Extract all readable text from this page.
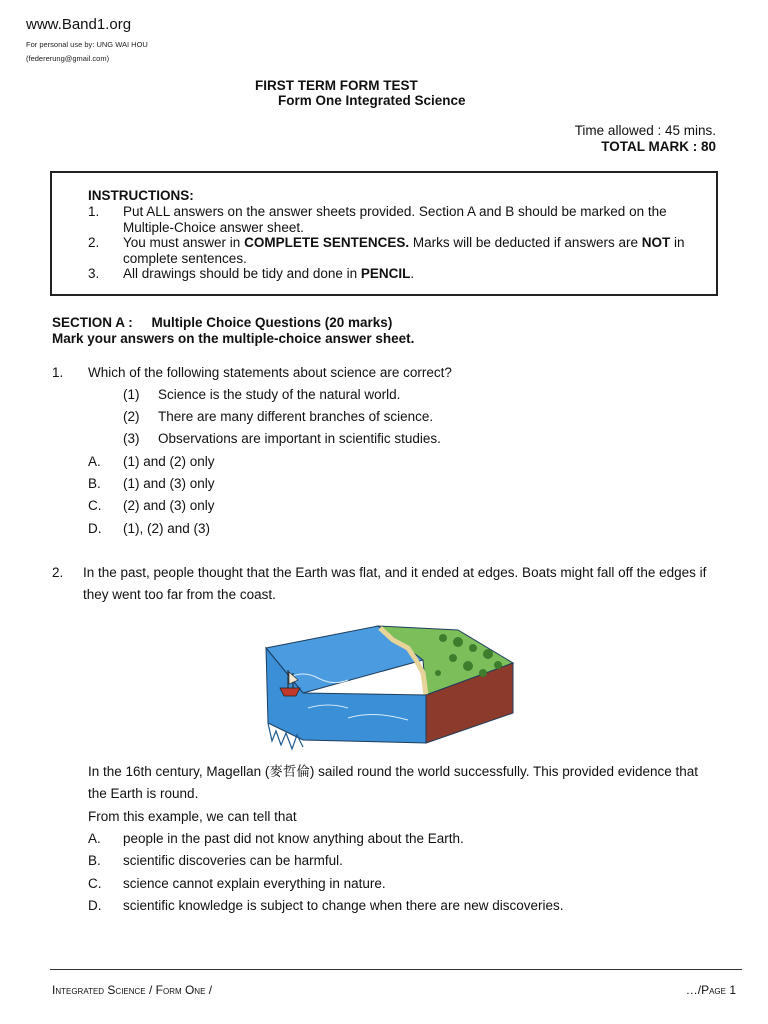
www.Band1.org
For personal use by: UNG WAI HOU
(federerung@gmail.com)
FIRST TERM FORM TEST
Form One Integrated Science
Time allowed : 45 mins.
TOTAL MARK : 80
INSTRUCTIONS:
1. Put ALL answers on the answer sheets provided. Section A and B should be marked on the Multiple-Choice answer sheet.
2. You must answer in COMPLETE SENTENCES. Marks will be deducted if answers are NOT in complete sentences.
3. All drawings should be tidy and done in PENCIL.
SECTION A :     Multiple Choice Questions (20 marks)
Mark your answers on the multiple-choice answer sheet.
1. Which of the following statements about science are correct?
(1) Science is the study of the natural world.
(2) There are many different branches of science.
(3) Observations are important in scientific studies.
A. (1) and (2) only
B. (1) and (3) only
C. (2) and (3) only
D. (1), (2) and (3)
2. In the past, people thought that the Earth was flat, and it ended at edges. Boats might fall off the edges if they went too far from the coast.
In the 16th century, Magellan (麥哲倫) sailed round the world successfully. This provided evidence that the Earth is round.
From this example, we can tell that
A. people in the past did not know anything about the Earth.
B. scientific discoveries can be harmful.
C. science cannot explain everything in nature.
D. scientific knowledge is subject to change when there are new discoveries.
Integrated Science / Form One /	…/Page 1
